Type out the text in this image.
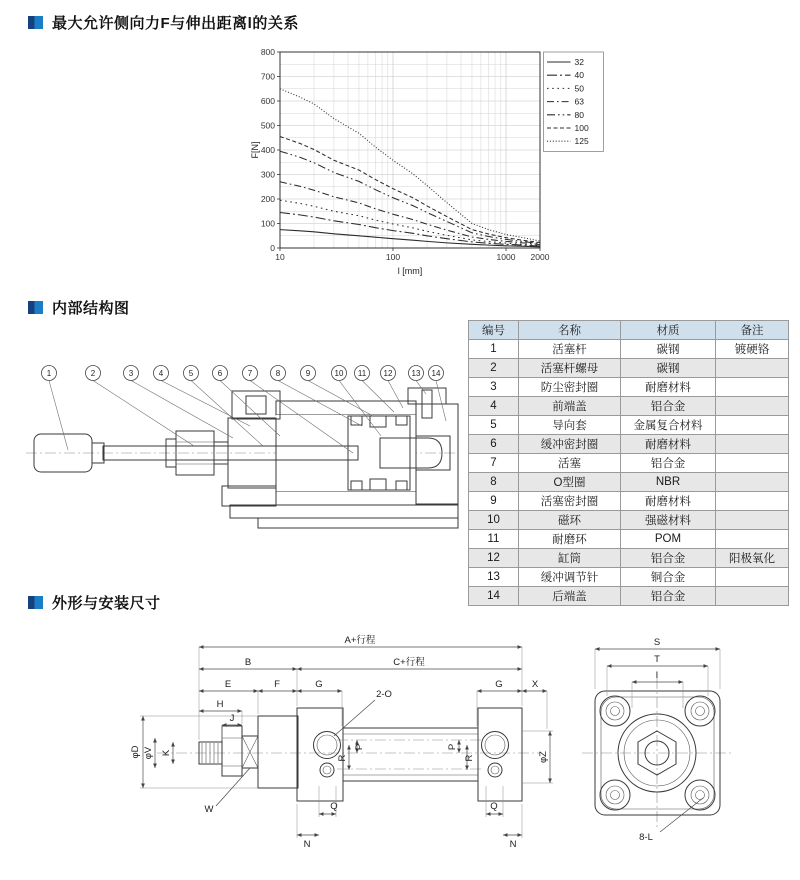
最大允许侧向力F与伸出距离l的关系
内部结构图
外形与安装尺寸
0
100
200
300
400
500
600
700
800
10	100	1000 2000
32
40
50
63
80
100
125
F[N]
l [mm]
1	2	3	4	5	6	7	8	9	10 11 12 13 14
编号	名称	材质	备注
1	活塞杆	碳钢	镀硬铬
2	活塞杆螺母	碳钢	
3	防尘密封圈	耐磨材料	
4	前端盖	铝合金	
5	导向套	金属复合材料	
6	缓冲密封圈	耐磨材料	
7	活塞	铝合金	
8	O型圈	NBR	
9	活塞密封圈	耐磨材料	
10	磁环	强磁材料	
11	耐磨环	POM	
12	缸筒	铝合金	阳极氧化
13	缓冲调节针	铜合金	
14	后端盖	铝合金	
A+行程
B	C+行程
E	F	G	G	X
H
J
2-O
φD φV K
W
P
R
P
R
Q
N
Q
N
φZ
S
T
I
8-L
